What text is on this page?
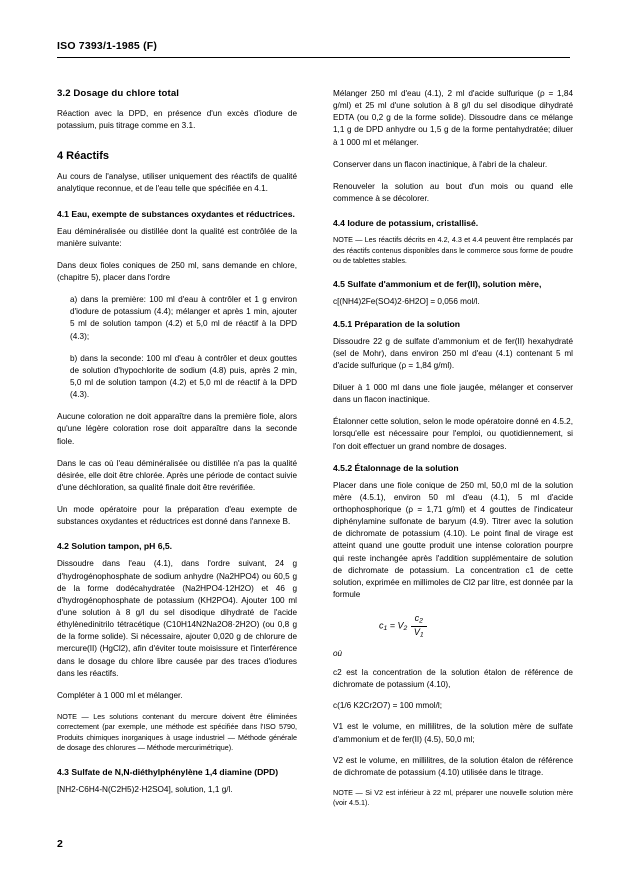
ISO 7393/1-1985 (F)
3.2 Dosage du chlore total

Réaction avec la DPD, en présence d'un excès d'iodure de potassium, puis titrage comme en 3.1.

4 Réactifs

Au cours de l'analyse, utiliser uniquement des réactifs de qualité analytique reconnue, et de l'eau telle que spécifiée en 4.1.

4.1 Eau, exempte de substances oxydantes et réductrices.

Eau déminéralisée ou distillée dont la qualité est contrôlée de la manière suivante:

Dans deux fioles coniques de 250 ml, sans demande en chlore, (chapitre 5), placer dans l'ordre

a) dans la première: 100 ml d'eau à contrôler et 1 g environ d'iodure de potassium (4.4); mélanger et après 1 min, ajouter 5 ml de solution tampon (4.2) et 5,0 ml de réactif à la DPD (4.3);

b) dans la seconde: 100 ml d'eau à contrôler et deux gouttes de solution d'hypochlorite de sodium (4.8) puis, après 2 min, 5,0 ml de solution tampon (4.2) et 5,0 ml de réactif à la DPD (4.3).

Aucune coloration ne doit apparaître dans la première fiole, alors qu'une légère coloration rose doit apparaître dans la seconde fiole.

Dans le cas où l'eau déminéralisée ou distillée n'a pas la qualité désirée, elle doit être chlorée. Après une période de contact suivie d'une déchloration, sa qualité finale doit être revérifiée.

Un mode opératoire pour la préparation d'eau exempte de substances oxydantes et réductrices est donné dans l'annexe B.

4.2 Solution tampon, pH 6,5.

Dissoudre dans l'eau (4.1), dans l'ordre suivant, 24 g d'hydrogénophosphate de sodium anhydre (Na2HPO4) ou 60,5 g de la forme dodécahydratée (Na2HPO4·12H2O) et 46 g d'hydrogénophosphate de potassium (KH2PO4). Ajouter 100 ml d'une solution à 8 g/l du sel disodique dihydraté de l'acide éthylènedinitrilo tétracétique (C10H14N2Na2O8·2H2O) (ou 0,8 g de la forme solide). Si nécessaire, ajouter 0,020 g de chlorure de mercure(II) (HgCl2), afin d'éviter toute moisissure et l'interférence dans le dosage du chlore libre causée par des traces d'iodures dans les réactifs.

Compléter à 1 000 ml et mélanger.

NOTE — Les solutions contenant du mercure doivent être éliminées correctement (par exemple, une méthode est spécifiée dans l'ISO 5790, Produits chimiques inorganiques à usage industriel — Méthode générale de dosage des chlorures — Méthode mercurimétrique).

4.3 Sulfate de N,N-diéthylphénylène 1,4 diamine (DPD)

[NH2-C6H4-N(C2H5)2·H2SO4], solution, 1,1 g/l.

Mélanger 250 ml d'eau (4.1), 2 ml d'acide sulfurique (ρ = 1,84 g/ml) et 25 ml d'une solution à 8 g/l du sel disodique dihydraté EDTA (ou 0,2 g de la forme solide). Dissoudre dans ce mélange 1,1 g de DPD anhydre ou 1,5 g de la forme pentahydratée; diluer à 1 000 ml et mélanger.

Conserver dans un flacon inactinique, à l'abri de la chaleur.

Renouveler la solution au bout d'un mois ou quand elle commence à se décolorer.

4.4 Iodure de potassium, cristallisé.

NOTE — Les réactifs décrits en 4.2, 4.3 et 4.4 peuvent être remplacés par des réactifs contenus disponibles dans le commerce sous forme de poudre ou de tablettes stables.

4.5 Sulfate d'ammonium et de fer(II), solution mère,

c[(NH4)2Fe(SO4)2·6H2O] = 0,056 mol/l.

4.5.1 Préparation de la solution

Dissoudre 22 g de sulfate d'ammonium et de fer(II) hexahydraté (sel de Mohr), dans environ 250 ml d'eau (4.1) contenant 5 ml d'acide sulfurique (ρ = 1,84 g/ml).

Diluer à 1 000 ml dans une fiole jaugée, mélanger et conserver dans un flacon inactinique.

Étalonner cette solution, selon le mode opératoire donné en 4.5.2, lorsqu'elle est nécessaire pour l'emploi, ou quotidiennement, si l'on doit effectuer un grand nombre de dosages.

4.5.2 Étalonnage de la solution

Placer dans une fiole conique de 250 ml, 50,0 ml de la solution mère (4.5.1), environ 50 ml d'eau (4.1), 5 ml d'acide orthophosphorique (ρ = 1,71 g/ml) et 4 gouttes de l'indicateur diphénylamine sulfonate de baryum (4.9). Titrer avec la solution de dichromate de potassium (4.10). Le point final de virage est atteint quand une goutte produit une intense coloration pourpre qui reste inchangée après l'addition supplémentaire de solution de dichromate de potassium. La concentration c1 de cette solution, exprimée en millimoles de Cl2 par litre, est donnée par la formule

$c_1 = V_2 \frac{c_2}{V_1}$
où
c2 est la concentration de la solution étalon de référence de dichromate de potassium (4.10),
c(1/6 K2Cr2O7) = 100 mmol/l;
V1 est le volume, en millilitres, de la solution mère de sulfate d'ammonium et de fer(II) (4.5), 50,0 ml;
V2 est le volume, en millilitres, de la solution étalon de référence de dichromate de potassium (4.10) utilisée dans le titrage.

NOTE — Si V2 est inférieur à 22 ml, préparer une nouvelle solution mère (voir 4.5.1).

2
